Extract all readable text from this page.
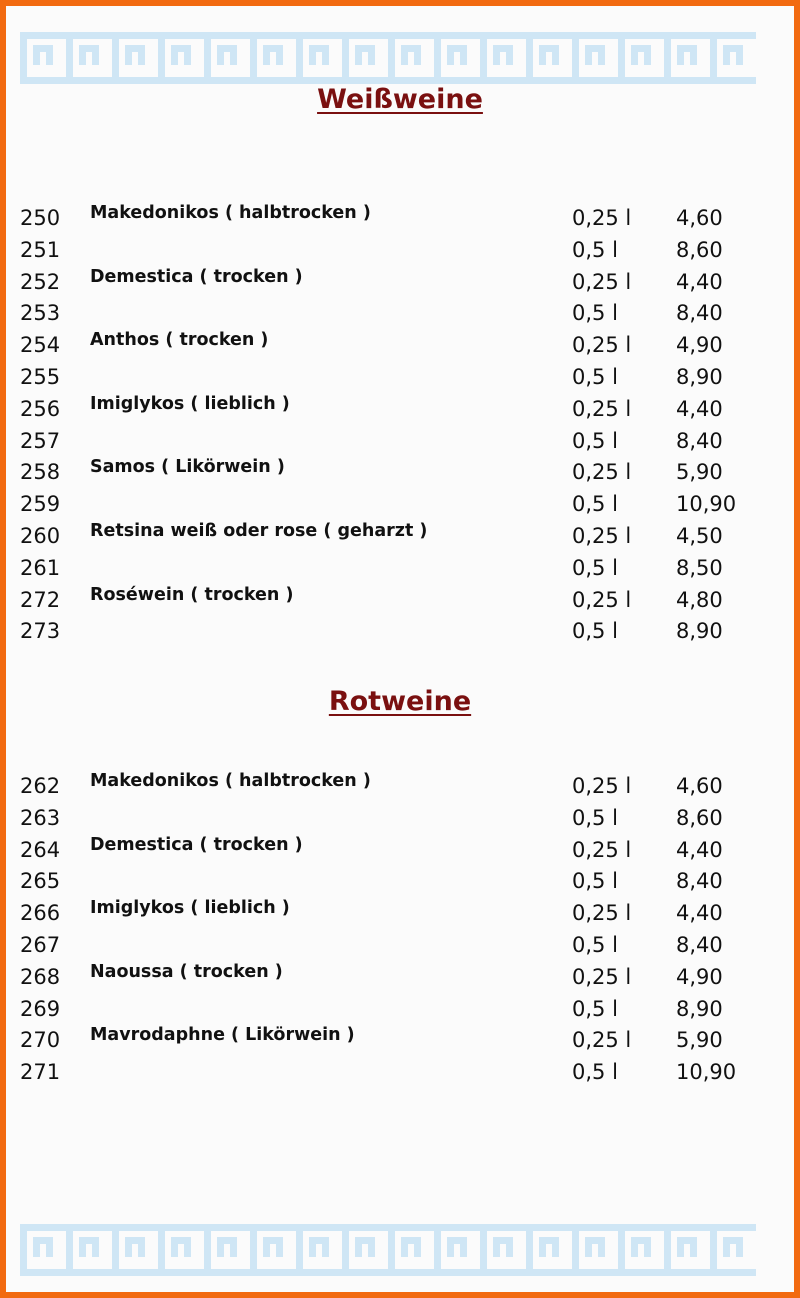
Weißweine
250 Makedonikos ( halbtrocken )	0,25 l 4,60
251	0,5 l	8,60
252 Demestica ( trocken )	0,25 l 4,40
253	0,5 l	8,40
254 Anthos ( trocken )	0,25 l 4,90
255	0,5 l	8,90
256 Imiglykos ( lieblich )	0,25 l 4,40
257	0,5 l	8,40
258 Samos ( Likörwein )	0,25 l 5,90
259	0,5 l	10,90
260 Retsina weiß oder rose ( geharzt )	0,25 l 4,50
261	0,5 l	8,50
272 Roséwein ( trocken )	0,25 l 4,80
273	0,5 l	8,90
Rotweine
262 Makedonikos ( halbtrocken )	0,25 l 4,60
263	0,5 l	8,60
264 Demestica ( trocken )	0,25 l 4,40
265	0,5 l	8,40
266 Imiglykos ( lieblich )	0,25 l 4,40
267	0,5 l	8,40
268 Naoussa ( trocken )	0,25 l 4,90
269	0,5 l	8,90
270 Mavrodaphne ( Likörwein )	0,25 l 5,90
271	0,5 l	10,90
